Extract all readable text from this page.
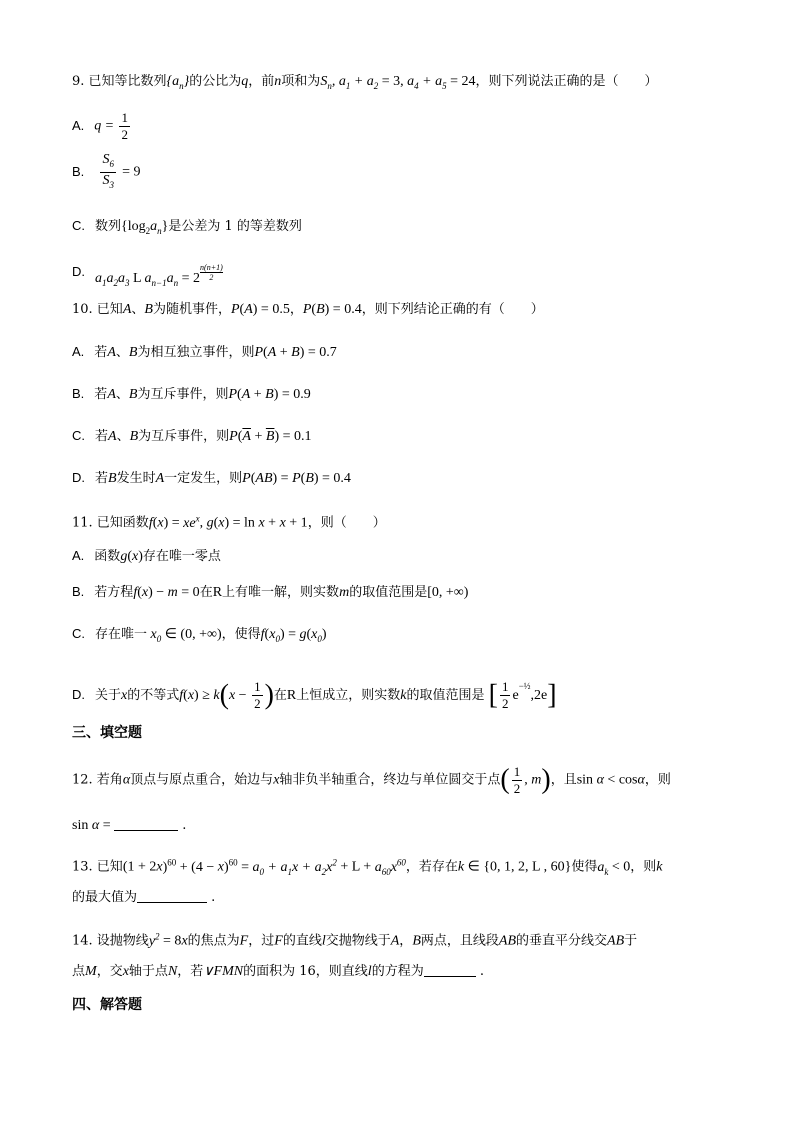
9. 已知等比数列$\{a_n\}$的公比为q，前n项和为$S_n$, $a_1 + a_2 = 3$, $a_4 + a_5 = 24$，则下列说法正确的是（　　）
A. $q = \frac{1}{2}$
B. $\frac{S_6}{S_3} = 9$
C. 数列$\{\log_2a_n\}$是公差为 1 的等差数列
D. $a_1a_2a_3$ L $a_{n-1}a_n = 2 \frac{n(n+1)}{2}$
10. 已知A、B为随机事件，P(A) = 0.5，P(B) = 0.4，则下列结论正确的有（　　）
A. 若A、B为相互独立事件，则P(A + B) = 0.7
B. 若A、B为互斥事件，则P(A + B) = 0.9
C. 若A、B为互斥事件，则$P(\overline{A} + \overline{B}) = 0.1$
D. 若B发生时A一定发生，则P(AB) = P(B) = 0.4
11. 已知函数$f(x) = xe^x$, g(x) = ln x + x + 1，则（　　）
A. 函数g(x)存在唯一零点
B. 若方程f(x) − m = 0在R上有唯一解，则实数m的取值范围是[0, +∞)
C. 存在唯一 $x_0$ ∈ (0, +∞)，使得$f(x_0) = g(x_0)$
D. 关于x的不等式$f(x) \ge k(x - \frac{1}{2}$ )在R上恒成立，则实数k的取值范围是 [ $\frac{1}{2} e^{-\frac{1}{2}},2e$]
三、填空题
12. 若角α顶点与原点重合，始边与x轴非负半轴重合，终边与单位圆交于点( $\frac{1}{2}$ , m)，且sin α < cosα，则
sin α =	.
13. 已知$(1 + 2x)^{60} + (4 - x)^{60} = a_0 + a_1x + a_2x^2 + L + a_{60}x^{60}$，若存在k ∈ {0, 1, 2, L , 60}使得$a_k < 0$，则k
的最大值为	.
14. 设抛物线$y^2 = 8x$的焦点为F，过F的直线l交抛物线于A，B两点，且线段AB的垂直平分线交AB于
点M，交x轴于点N，若∨FMN的面积为 16，则直线l的方程为	.
四、解答题
